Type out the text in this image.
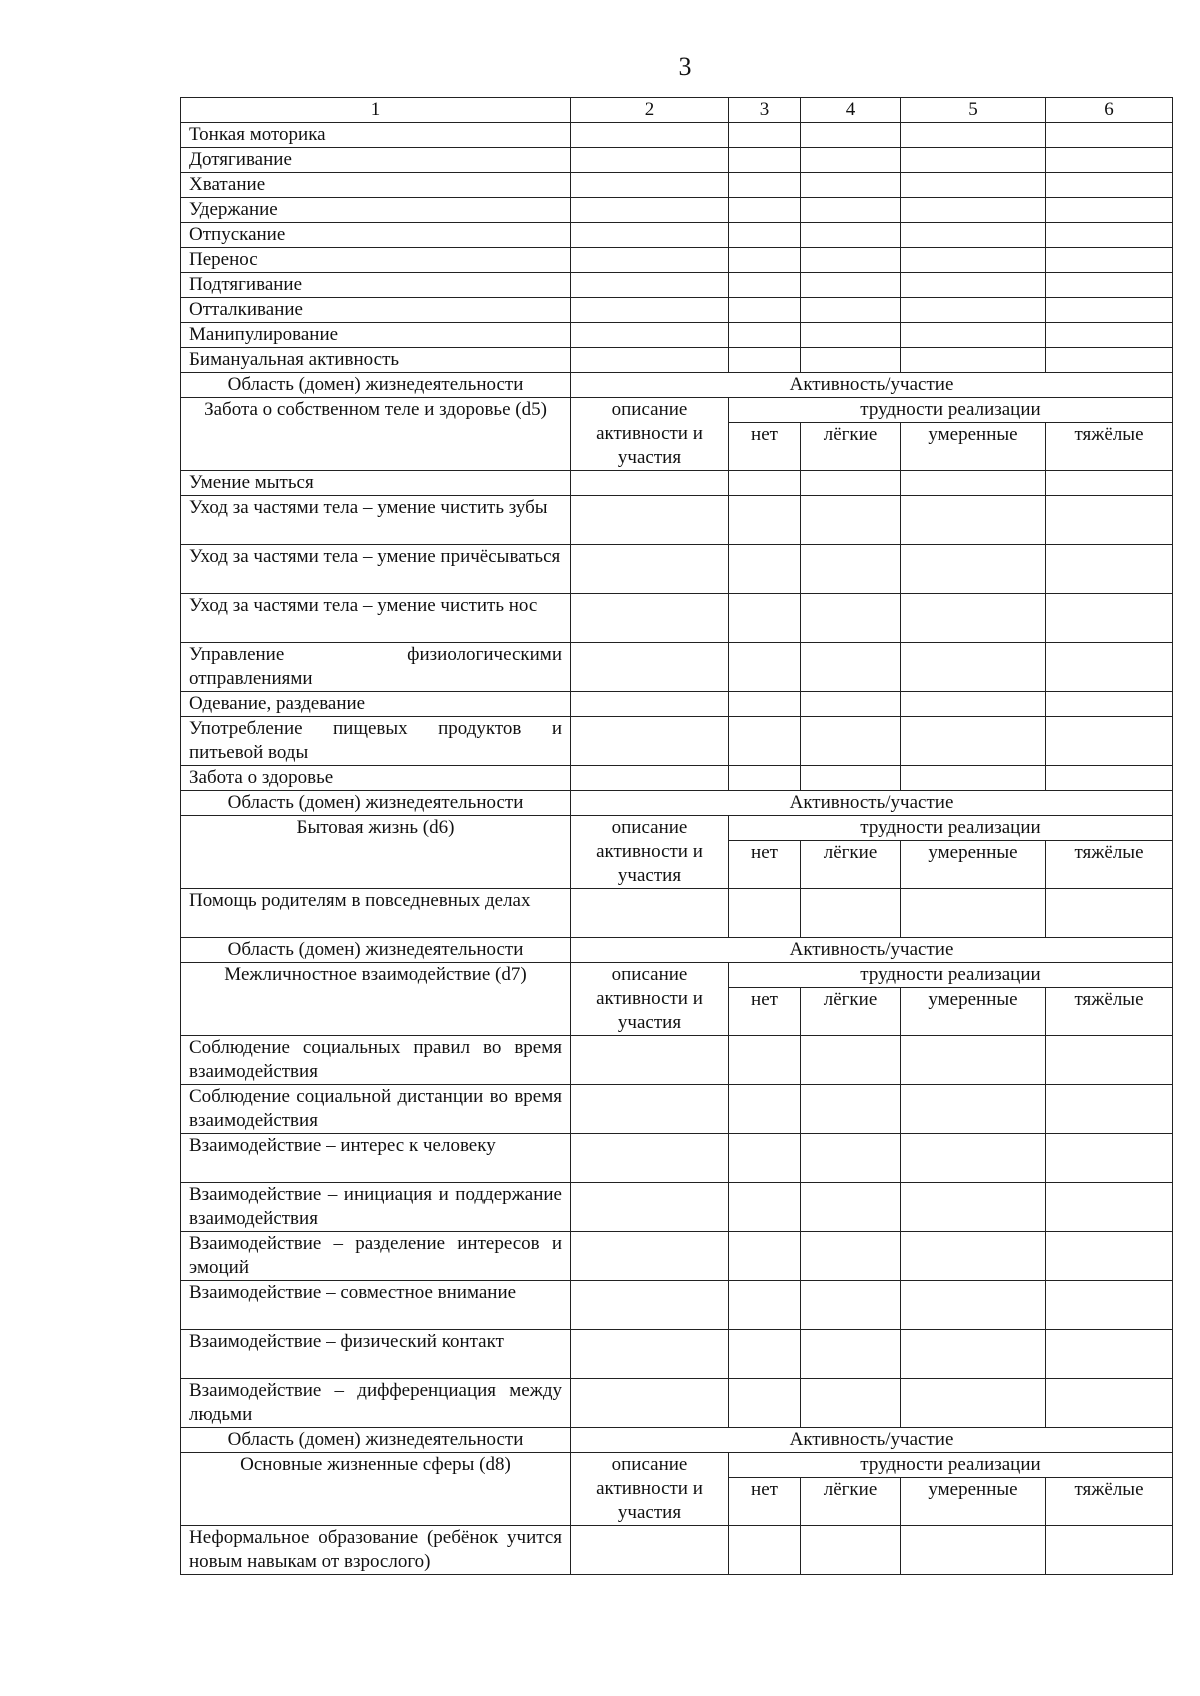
3
1	2	3	4	5	6
Тонкая моторика					
Дотягивание					
Хватание					
Удержание					
Отпускание					
Перенос					
Подтягивание					
Отталкивание					
Манипулирование					
Бимануальная активность					
Область (домен) жизнедеятельности	Активность/участие				
Забота о собственном теле и здоровье (d5)	описание активности и участия	трудности реализации			
		нет	лёгкие	умеренные	тяжёлые
Умение мыться					
Уход за частями тела – умение чистить зубы					
Уход за частями тела – умение причёсываться					
Уход за частями тела – умение чистить нос					
Управление физиологическими отправлениями					
Одевание, раздевание					
Употребление пищевых продуктов и питьевой воды					
Забота о здоровье					
Область (домен) жизнедеятельности	Активность/участие				
Бытовая жизнь (d6)	описание активности и участия	трудности реализации			
		нет	лёгкие	умеренные	тяжёлые
Помощь родителям в повседневных делах					
Область (домен) жизнедеятельности	Активность/участие				
Межличностное взаимодействие (d7)	описание активности и участия	трудности реализации			
		нет	лёгкие	умеренные	тяжёлые
Соблюдение социальных правил во время взаимодействия					
Соблюдение социальной дистанции во время взаимодействия					
Взаимодействие – интерес к человеку					
Взаимодействие – инициация и поддержание взаимодействия					
Взаимодействие – разделение интересов и эмоций					
Взаимодействие – совместное внимание					
Взаимодействие – физический контакт					
Взаимодействие – дифференциация между людьми					
Область (домен) жизнедеятельности	Активность/участие				
Основные жизненные сферы (d8)	описание активности и участия	трудности реализации			
		нет	лёгкие	умеренные	тяжёлые
Неформальное образование (ребёнок учится новым навыкам от взрослого)					
